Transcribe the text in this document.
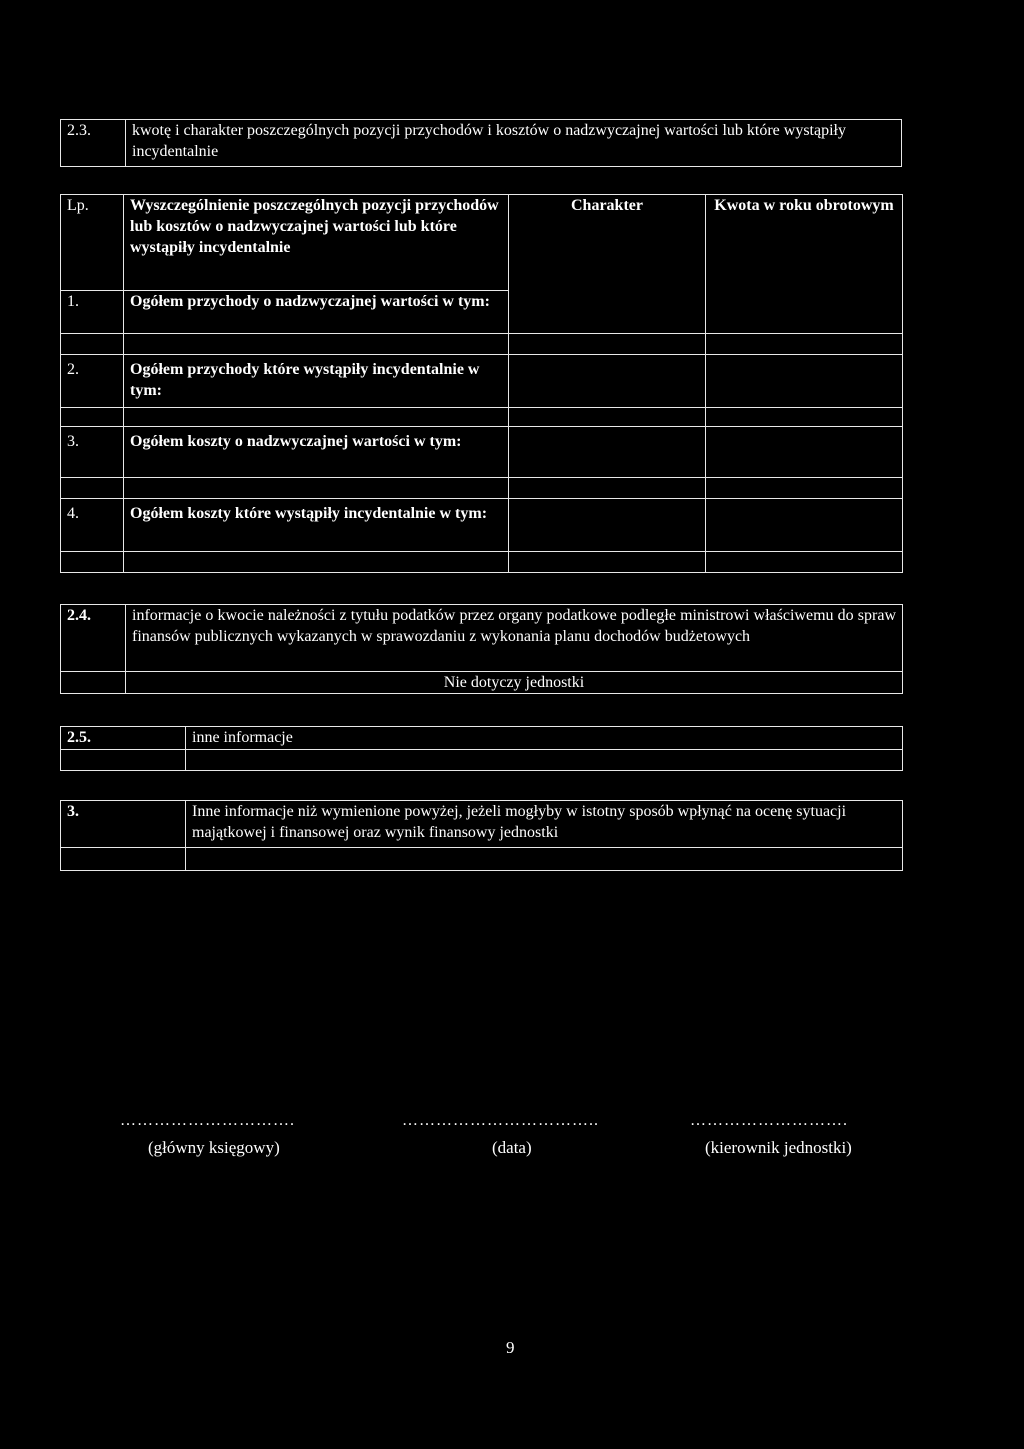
2.3.	kwotę i charakter poszczególnych pozycji przychodów i kosztów o nadzwyczajnej wartości lub które wystąpiły incydentalnie
Lp.	Wyszczególnienie poszczególnych pozycji przychodów lub kosztów o nadzwyczajnej wartości lub które wystąpiły incydentalnie	Charakter	Kwota w roku obrotowym
1.	Ogółem przychody o nadzwyczajnej wartości w tym:		

2.	Ogółem przychody które wystąpiły incydentalnie w tym:		

3.	Ogółem koszty o nadzwyczajnej wartości w tym:		

4.	Ogółem koszty które wystąpiły incydentalnie w tym:		

2.4.	informacje o kwocie należności z tytułu podatków przez organy podatkowe podległe ministrowi właściwemu do spraw finansów publicznych wykazanych w sprawozdaniu z wykonania planu dochodów budżetowych
	Nie dotyczy jednostki
2.5.	inne informacje

3.	Inne informacje niż wymienione powyżej, jeżeli mogłyby w istotny sposób wpłynąć na ocenę sytuacji majątkowej i finansowej oraz wynik finansowy jednostki

………………………….	……………………………..	……………………….
(główny księgowy)	(data)	(kierownik jednostki)
9
